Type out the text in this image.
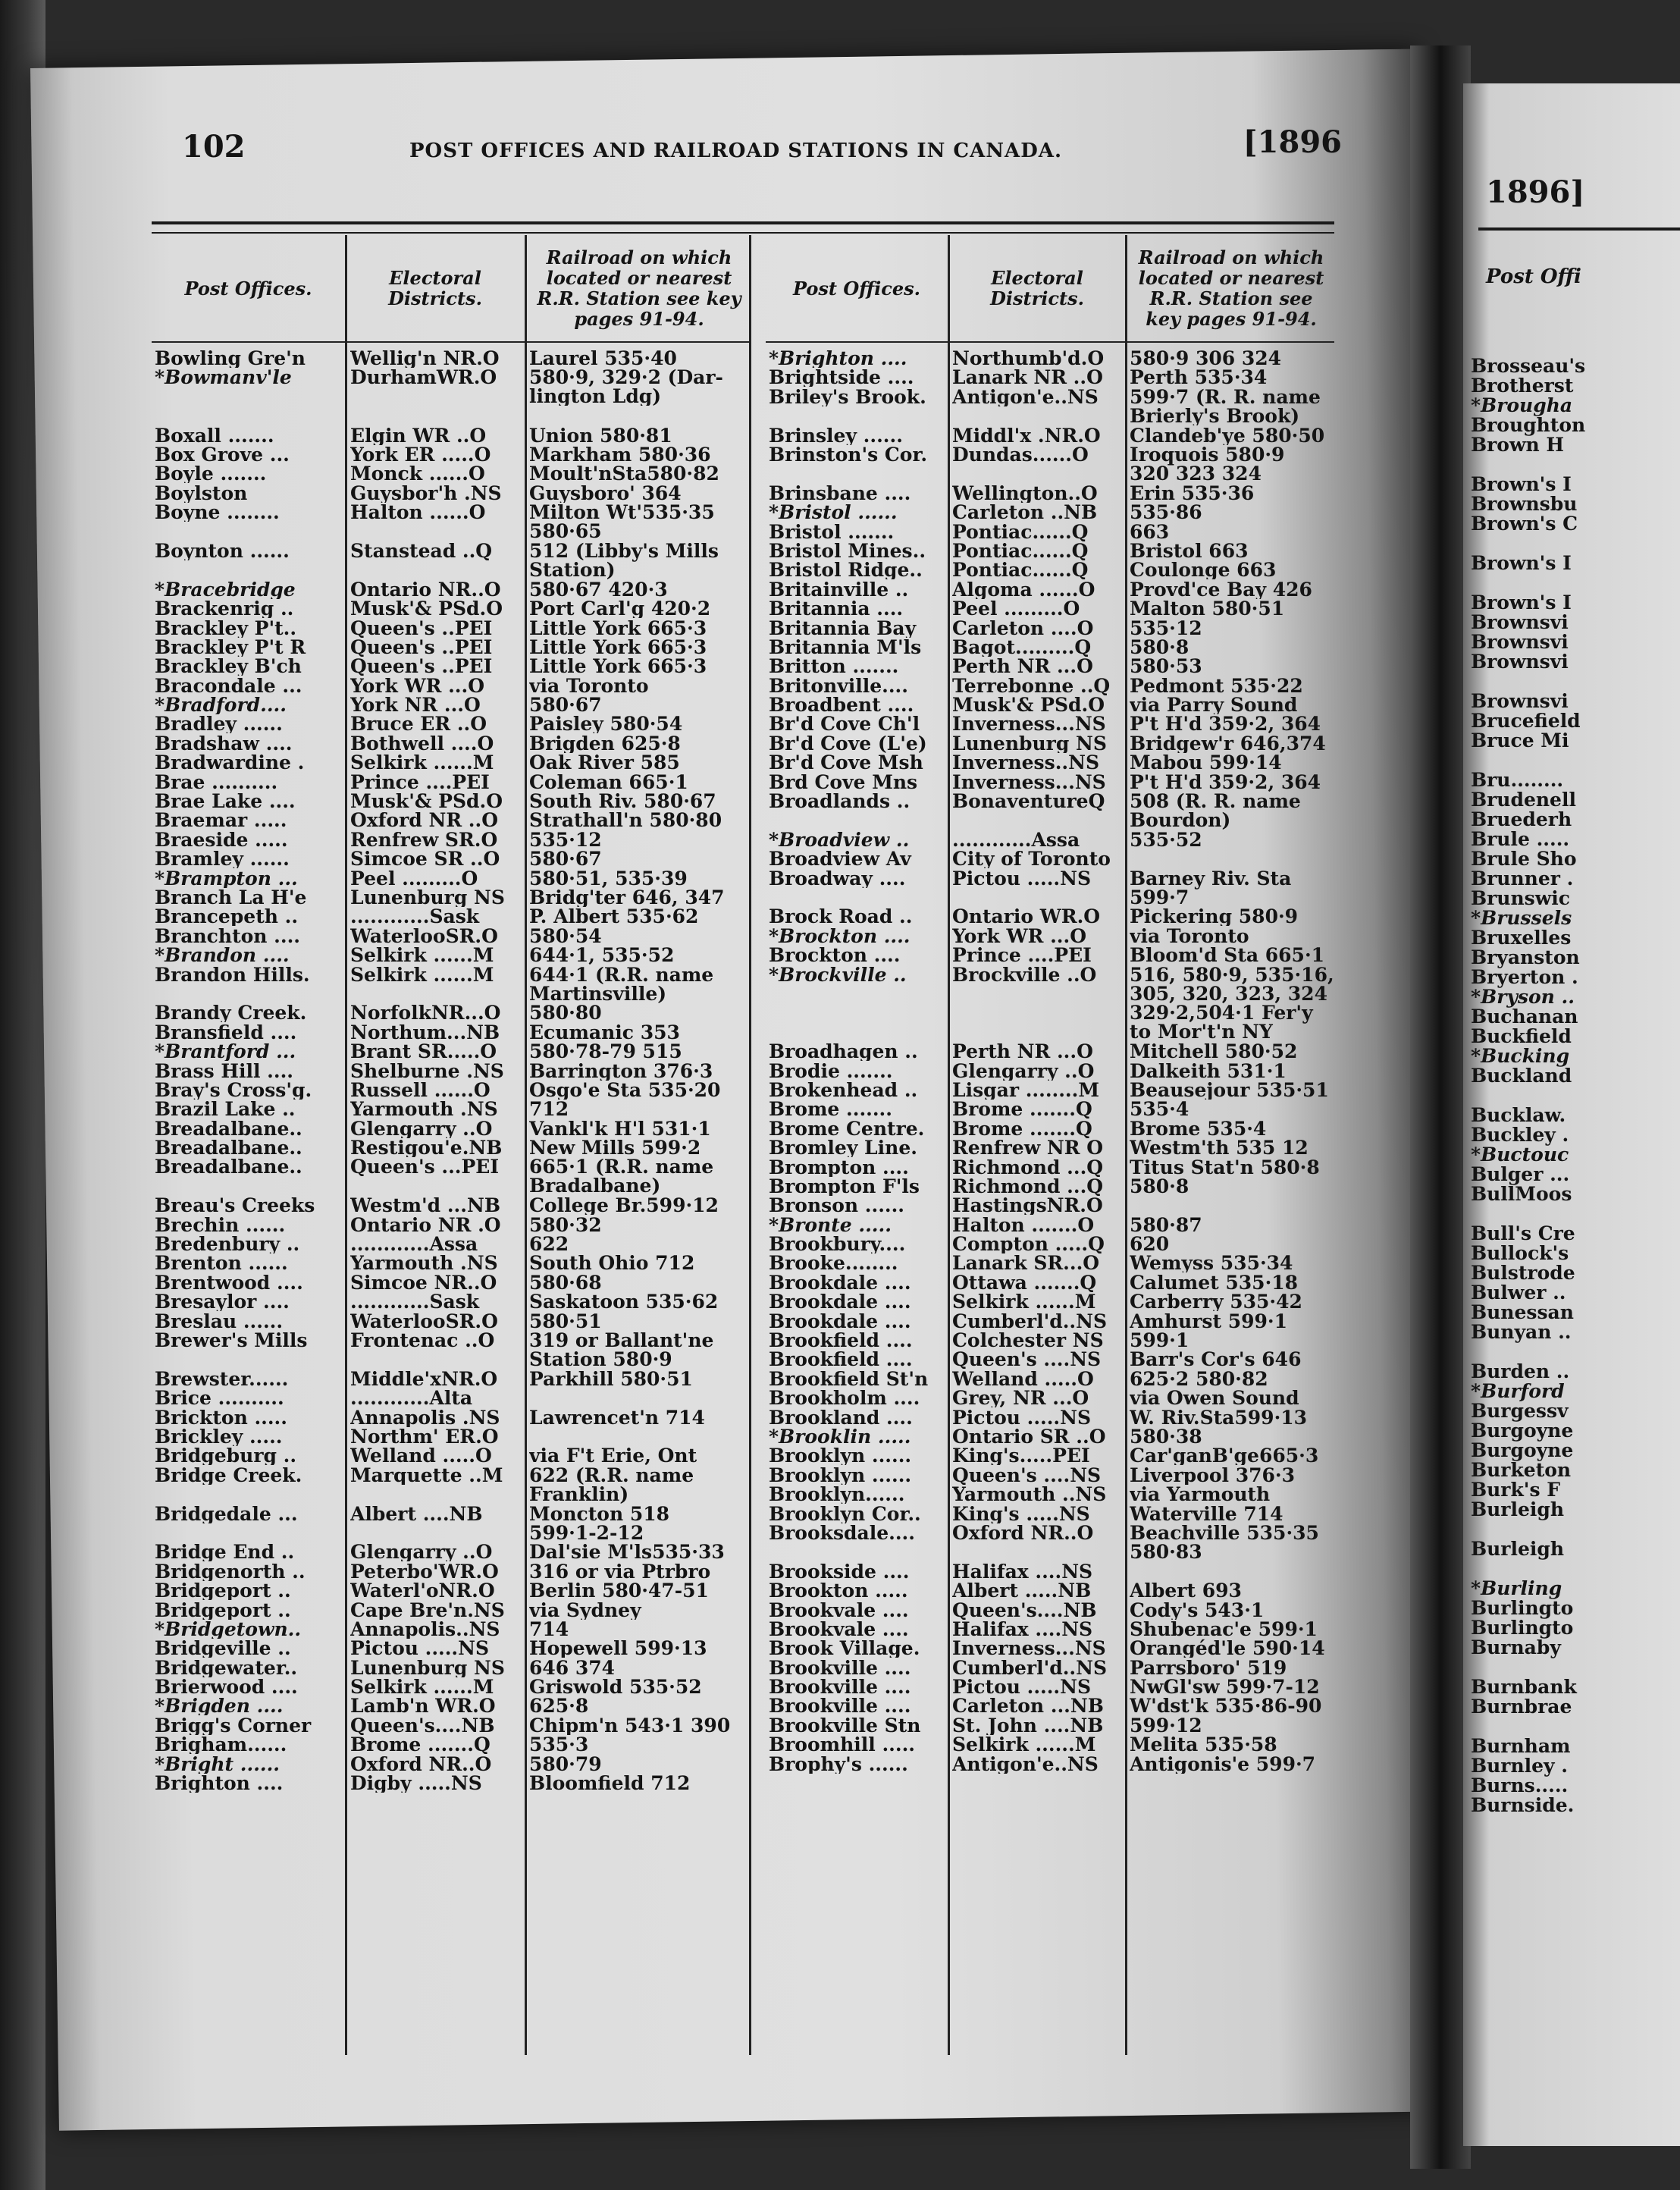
102	POST OFFICES AND RAILROAD STATIONS IN CANADA.	[1896
Post Offices.	Electoral Districts.
Railroad on which located or nearest R.R. Station see key pages 91-94.
Bowling Gre'n	Wellig'n NR.O	Laurel 535·40
*Bowmanv'le	DurhamWR.O	580·9, 329·2 (Dar-
lington Ldg)
Boxall .......	Elgin WR ..O	Union 580·81
Box Grove ...	York ER .....O	Markham 580·36
Boyle .......	Monck ......O	Moult'nSta580·82
Boylston	Guysbor'h .NS	Guysboro' 364
Boyne ........	Halton ......O	Milton Wt'535·35
580·65
Boynton ......	Stanstead ..Q	512 (Libby's Mills
Station)
*Bracebridge	Ontario NR..O	580·67 420·3
Brackenrig ..	Musk'& PSd.O	Port Carl'g 420·2
Brackley P't..	Queen's ..PEI	Little York 665·3
Brackley P't R	Queen's ..PEI	Little York 665·3
Brackley B'ch	Queen's ..PEI	Little York 665·3
Bracondale ...	York WR ...O	via Toronto
*Bradford....	York NR ...O	580·67
Bradley ......	Bruce ER ..O	Paisley 580·54
Bradshaw ....	Bothwell ....O	Brigden 625·8
Bradwardine .	Selkirk ......M	Oak River 585
Brae ..........	Prince ....PEI	Coleman 665·1
Brae Lake ....	Musk'& PSd.O	South Riv. 580·67
Braemar .....	Oxford NR ..O	Strathall'n 580·80
Braeside .....	Renfrew SR.O	535·12
Bramley ......	Simcoe SR ..O	580·67
*Brampton ...	Peel .........O	580·51, 535·39
Branch La H'e	Lunenburg NS	Bridg'ter 646, 347
Brancepeth ..	............Sask	P. Albert 535·62
Branchton ....	WaterlooSR.O	580·54
*Brandon ....	Selkirk ......M	644·1, 535·52
Brandon Hills.	Selkirk ......M	644·1 (R.R. name
Martinsville)
Brandy Creek.	NorfolkNR...O	580·80
Bransfield ....	Northum...NB	Ecumanic 353
*Brantford ...	Brant SR.....O	580·78-79 515
Brass Hill ....	Shelburne .NS	Barrington 376·3
Bray's Cross'g.	Russell ......O	Osgo'e Sta 535·20
Brazil Lake ..	Yarmouth .NS	712
Breadalbane..	Glengarry ..O	Vankl'k H'l 531·1
Breadalbane..	Restigou'e.NB	New Mills 599·2
Breadalbane..	Queen's ...PEI	665·1 (R.R. name
Bradalbane)
Breau's Creeks	Westm'd ...NB	College Br.599·12
Brechin ......	Ontario NR .O	580·32
Bredenbury ..	............Assa	622
Brenton ......	Yarmouth .NS	South Ohio 712
Brentwood ....	Simcoe NR..O	580·68
Bresaylor ....	............Sask	Saskatoon 535·62
Breslau ......	WaterlooSR.O	580·51
Brewer's Mills	Frontenac ..O	319 or Ballant'ne
Station 580·9
Brewster......	Middle'xNR.O	Parkhill 580·51
Brice ..........	............Alta
Brickton .....	Annapolis .NS	Lawrencet'n 714
Brickley .....	Northm' ER.O
Bridgeburg ..	Welland .....O	via F't Erie, Ont
Bridge Creek.	Marquette ..M	622 (R.R. name
Franklin)
Bridgedale ...	Albert ....NB	Moncton 518
599·1-2-12
Bridge End ..	Glengarry ..O	Dal'sie M'ls535·33
Bridgenorth ..	Peterbo'WR.O	316 or via Ptrbro
Bridgeport ..	Waterl'oNR.O	Berlin 580·47-51
Bridgeport ..	Cape Bre'n.NS	via Sydney
*Bridgetown..	Annapolis..NS	714
Bridgeville ..	Pictou .....NS	Hopewell 599·13
Bridgewater..	Lunenburg NS	646 374
Brierwood ....	Selkirk ......M	Griswold 535·52
*Brigden ....	Lamb'n WR.O	625·8
Brigg's Corner	Queen's....NB	Chipm'n 543·1 390
Brigham......	Brome .......Q	535·3
*Bright ......	Oxford NR..O	580·79
Brighton ....	Digby .....NS	Bloomfield 712
Post Offices.	Electoral Districts.
Railroad on which located or nearest R.R. Station see key pages 91-94.
*Brighton ....	Northumb'd.O	580·9 306 324
Brightside ....	Lanark NR ..O	Perth 535·34
Briley's Brook.	Antigon'e..NS	599·7 (R. R. name
Brierly's Brook)
Brinsley ......	Middl'x .NR.O	Clandeb'ye 580·50
Brinston's Cor.	Dundas......O	Iroquois 580·9
320 323 324
Brinsbane ....	Wellington..O	Erin 535·36
*Bristol ......	Carleton ..NB	535·86
Bristol .......	Pontiac......Q	663
Bristol Mines..	Pontiac......Q	Bristol 663
Bristol Ridge..	Pontiac......Q	Coulonge 663
Britainville ..	Algoma ......O	Provd'ce Bay 426
Britannia ....	Peel .........O	Malton 580·51
Britannia Bay	Carleton ....O	535·12
Britannia M'ls	Bagot.........Q	580·8
Britton .......	Perth NR ...O	580·53
Britonville....	Terrebonne ..Q	Pedmont 535·22
Broadbent ....	Musk'& PSd.O	via Parry Sound
Br'd Cove Ch'l	Inverness...NS	P't H'd 359·2, 364
Br'd Cove (L'e)	Lunenburg NS	Bridgew'r 646,374
Br'd Cove Msh	Inverness..NS	Mabou 599·14
Brd Cove Mns	Inverness...NS	P't H'd 359·2, 364
Broadlands ..	BonaventureQ	508 (R. R. name
Bourdon)
*Broadview ..	............Assa	535·52
Broadview Av	City of Toronto
Broadway ....	Pictou .....NS	Barney Riv. Sta
599·7
Brock Road ..	Ontario WR.O	Pickering 580·9
*Brockton ....	York WR ...O	via Toronto
Brockton ....	Prince ....PEI	Bloom'd Sta 665·1
*Brockville ..	Brockville ..O	516, 580·9, 535·16,
305, 320, 323, 324
329·2,504·1 Fer'y
to Mor't'n NY
Broadhagen ..	Perth NR ...O	Mitchell 580·52
Brodie .......	Glengarry ..O	Dalkeith 531·1
Brokenhead ..	Lisgar ........M	Beausejour 535·51
Brome .......	Brome .......Q	535·4
Brome Centre.	Brome .......Q	Brome 535·4
Bromley Line.	Renfrew NR O	Westm'th 535 12
Brompton ....	Richmond ...Q	Titus Stat'n 580·8
Brompton F'ls	Richmond ...Q	580·8
Bronson ......	HastingsNR.O
*Bronte .....	Halton .......O	580·87
Brookbury....	Compton .....Q	620
Brooke........	Lanark SR...O	Wemyss 535·34
Brookdale ....	Ottawa .......Q	Calumet 535·18
Brookdale ....	Selkirk ......M	Carberry 535·42
Brookdale ....	Cumberl'd..NS	Amhurst 599·1
Brookfield ....	Colchester NS	599·1
Brookfield ....	Queen's ....NS	Barr's Cor's 646
Brookfield St'n	Welland .....O	625·2 580·82
Brookholm ....	Grey, NR ...O	via Owen Sound
Brookland ....	Pictou .....NS	W. Riv.Sta599·13
*Brooklin .....	Ontario SR ..O	580·38
Brooklyn ......	King's.....PEI	Car'ganB'ge665·3
Brooklyn ......	Queen's ....NS	Liverpool 376·3
Brooklyn......	Yarmouth ..NS	via Yarmouth
Brooklyn Cor..	King's .....NS	Waterville 714
Brooksdale....	Oxford NR..O	Beachville 535·35
580·83
Brookside ....	Halifax ....NS
Brookton .....	Albert .....NB	Albert 693
Brookvale ....	Queen's....NB	Cody's 543·1
Brookvale ....	Halifax ....NS	Shubenac'e 599·1
Brook Village.	Inverness...NS	Orangéd'le 590·14
Brookville ....	Cumberl'd..NS	Parrsboro' 519
Brookville ....	Pictou .....NS	NwGl'sw 599·7-12
Brookville ....	Carleton ...NB	W'dst'k 535·86-90
Brookville Stn	St. John ....NB	599·12
Broomhill .....	Selkirk ......M	Melita 535·58
Brophy's ......	Antigon'e..NS	Antigonis'e 599·7
1896]
Post Offi
Brosseau's
Brotherst
*Brougha
Broughton
Brown H
Brown's I
Brownsbu
Brown's C
Brown's I
Brown's I
Brownsvi
Brownsvi
Brownsvi
Brownsvi
Brucefield
Bruce Mi
Bru........
Brudenell
Bruederh
Brule .....
Brule Sho
Brunner .
Brunswic
*Brussels
Bruxelles
Bryanston
Bryerton .
*Bryson ..
Buchanan
Buckfield
*Bucking
Buckland
Bucklaw.
Buckley .
*Buctouc
Bulger ...
BullMoos
Bull's Cre
Bullock's
Bulstrode
Bulwer ..
Bunessan
Bunyan ..
Burden ..
*Burford
Burgessv
Burgoyne
Burgoyne
Burketon
Burk's F
Burleigh
Burleigh
*Burling
Burlingto
Burlingto
Burnaby
Burnbank
Burnbrae
Burnham
Burnley .
Burns.....
Burnside.
